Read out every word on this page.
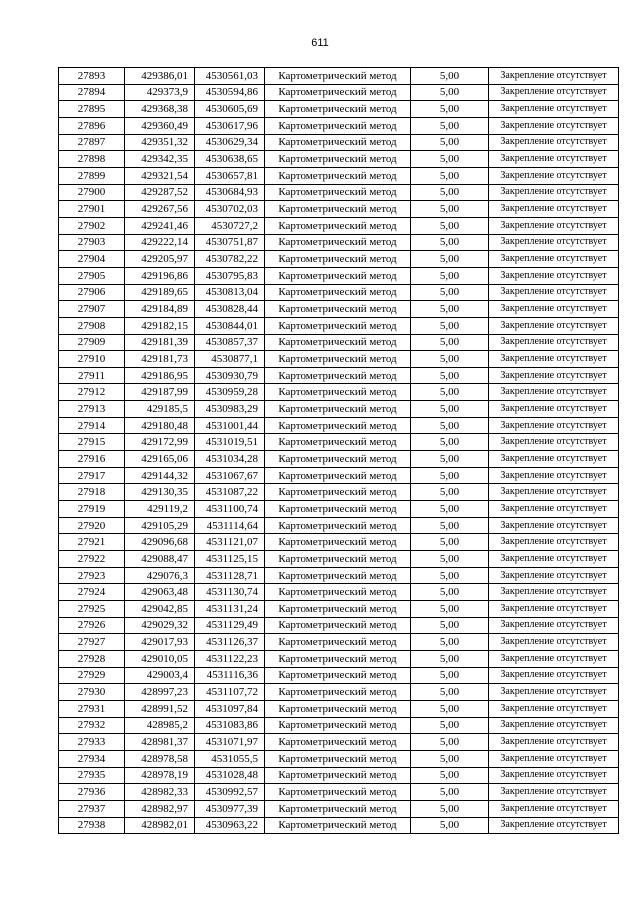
611
27893	429386,01	4530561,03	Картометрический метод	5,00	Закрепление отсутствует
27894	429373,9	4530594,86	Картометрический метод	5,00	Закрепление отсутствует
27895	429368,38	4530605,69	Картометрический метод	5,00	Закрепление отсутствует
27896	429360,49	4530617,96	Картометрический метод	5,00	Закрепление отсутствует
27897	429351,32	4530629,34	Картометрический метод	5,00	Закрепление отсутствует
27898	429342,35	4530638,65	Картометрический метод	5,00	Закрепление отсутствует
27899	429321,54	4530657,81	Картометрический метод	5,00	Закрепление отсутствует
27900	429287,52	4530684,93	Картометрический метод	5,00	Закрепление отсутствует
27901	429267,56	4530702,03	Картометрический метод	5,00	Закрепление отсутствует
27902	429241,46	4530727,2	Картометрический метод	5,00	Закрепление отсутствует
27903	429222,14	4530751,87	Картометрический метод	5,00	Закрепление отсутствует
27904	429205,97	4530782,22	Картометрический метод	5,00	Закрепление отсутствует
27905	429196,86	4530795,83	Картометрический метод	5,00	Закрепление отсутствует
27906	429189,65	4530813,04	Картометрический метод	5,00	Закрепление отсутствует
27907	429184,89	4530828,44	Картометрический метод	5,00	Закрепление отсутствует
27908	429182,15	4530844,01	Картометрический метод	5,00	Закрепление отсутствует
27909	429181,39	4530857,37	Картометрический метод	5,00	Закрепление отсутствует
27910	429181,73	4530877,1	Картометрический метод	5,00	Закрепление отсутствует
27911	429186,95	4530930,79	Картометрический метод	5,00	Закрепление отсутствует
27912	429187,99	4530959,28	Картометрический метод	5,00	Закрепление отсутствует
27913	429185,5	4530983,29	Картометрический метод	5,00	Закрепление отсутствует
27914	429180,48	4531001,44	Картометрический метод	5,00	Закрепление отсутствует
27915	429172,99	4531019,51	Картометрический метод	5,00	Закрепление отсутствует
27916	429165,06	4531034,28	Картометрический метод	5,00	Закрепление отсутствует
27917	429144,32	4531067,67	Картометрический метод	5,00	Закрепление отсутствует
27918	429130,35	4531087,22	Картометрический метод	5,00	Закрепление отсутствует
27919	429119,2	4531100,74	Картометрический метод	5,00	Закрепление отсутствует
27920	429105,29	4531114,64	Картометрический метод	5,00	Закрепление отсутствует
27921	429096,68	4531121,07	Картометрический метод	5,00	Закрепление отсутствует
27922	429088,47	4531125,15	Картометрический метод	5,00	Закрепление отсутствует
27923	429076,3	4531128,71	Картометрический метод	5,00	Закрепление отсутствует
27924	429063,48	4531130,74	Картометрический метод	5,00	Закрепление отсутствует
27925	429042,85	4531131,24	Картометрический метод	5,00	Закрепление отсутствует
27926	429029,32	4531129,49	Картометрический метод	5,00	Закрепление отсутствует
27927	429017,93	4531126,37	Картометрический метод	5,00	Закрепление отсутствует
27928	429010,05	4531122,23	Картометрический метод	5,00	Закрепление отсутствует
27929	429003,4	4531116,36	Картометрический метод	5,00	Закрепление отсутствует
27930	428997,23	4531107,72	Картометрический метод	5,00	Закрепление отсутствует
27931	428991,52	4531097,84	Картометрический метод	5,00	Закрепление отсутствует
27932	428985,2	4531083,86	Картометрический метод	5,00	Закрепление отсутствует
27933	428981,37	4531071,97	Картометрический метод	5,00	Закрепление отсутствует
27934	428978,58	4531055,5	Картометрический метод	5,00	Закрепление отсутствует
27935	428978,19	4531028,48	Картометрический метод	5,00	Закрепление отсутствует
27936	428982,33	4530992,57	Картометрический метод	5,00	Закрепление отсутствует
27937	428982,97	4530977,39	Картометрический метод	5,00	Закрепление отсутствует
27938	428982,01	4530963,22	Картометрический метод	5,00	Закрепление отсутствует
